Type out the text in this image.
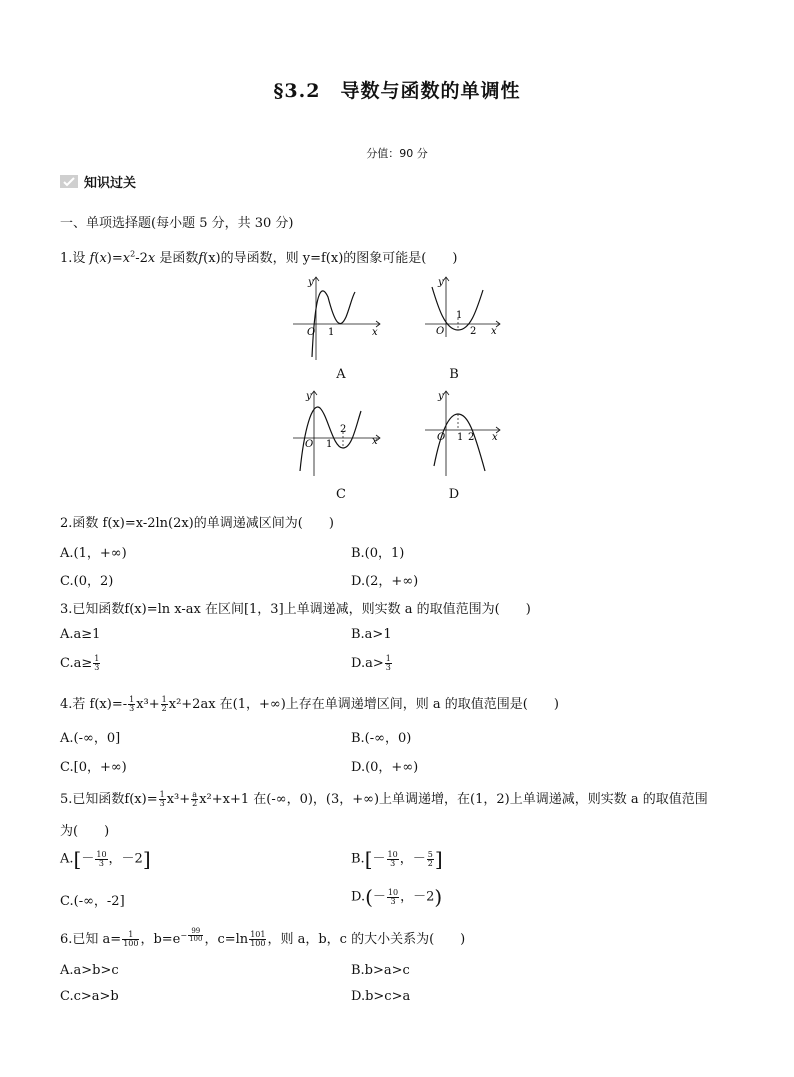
§3.2　导数与函数的单调性
分值：90 分
知识过关
一、单项选择题(每小题 5 分，共 30 分)
1.设 $f(x)=x^2-2x$ 是函数f(x)的导函数，则 y=f(x)的图象可能是(　　)
O 1	x
y
A
O
1
2 x
y
B
O 1
2
x
y
C
O 1 2 x
y
D
2.函数 f(x)=x-2ln(2x)的单调递减区间为(　　)
A.(1，+∞)	B.(0，1)
C.(0，2)	D.(2，+∞)
3.已知函数f(x)=ln x-ax 在区间[1，3]上单调递减，则实数 a 的取值范围为(　　)
A.a≥1	B.a>1
$C.a\ge \frac{1}{3}$	$D.a> \frac{1}{3}$
4.若 $f(x)=- \frac{1}{3} x^3+ \frac{1}{2} x^2+2ax$ 在(1，+∞)上存在单调递增区间，则 a 的取值范围是(　　)
A.(-∞，0]	B.(-∞，0)
C.[0，+∞)	D.(0，+∞)
5.已知函数$f(x)= \frac{1}{3} x^3+ \frac{a}{2} x^2+x+1$ 在(-∞，0)，(3，+∞)上单调递增，在(1，2)上单调递减，则实数 a 的取值范围
为(　　)
$A.[- \frac{10}{3}$ ，－2]	$B.[- \frac{10}{3}$ ，－ $\frac{5}{2}$ ]
C.(-∞，-2]	$D.(- \frac{10}{3}$ ，－2)
6.已知 $a= \frac{1}{100}$ ，$b=e^{- \frac{99}{100}}$ ，$c=\ln \frac{101}{100}$ ，则 a，b，c 的大小关系为(　　)
A.a>b>c	B.b>a>c
C.c>a>b	D.b>c>a
